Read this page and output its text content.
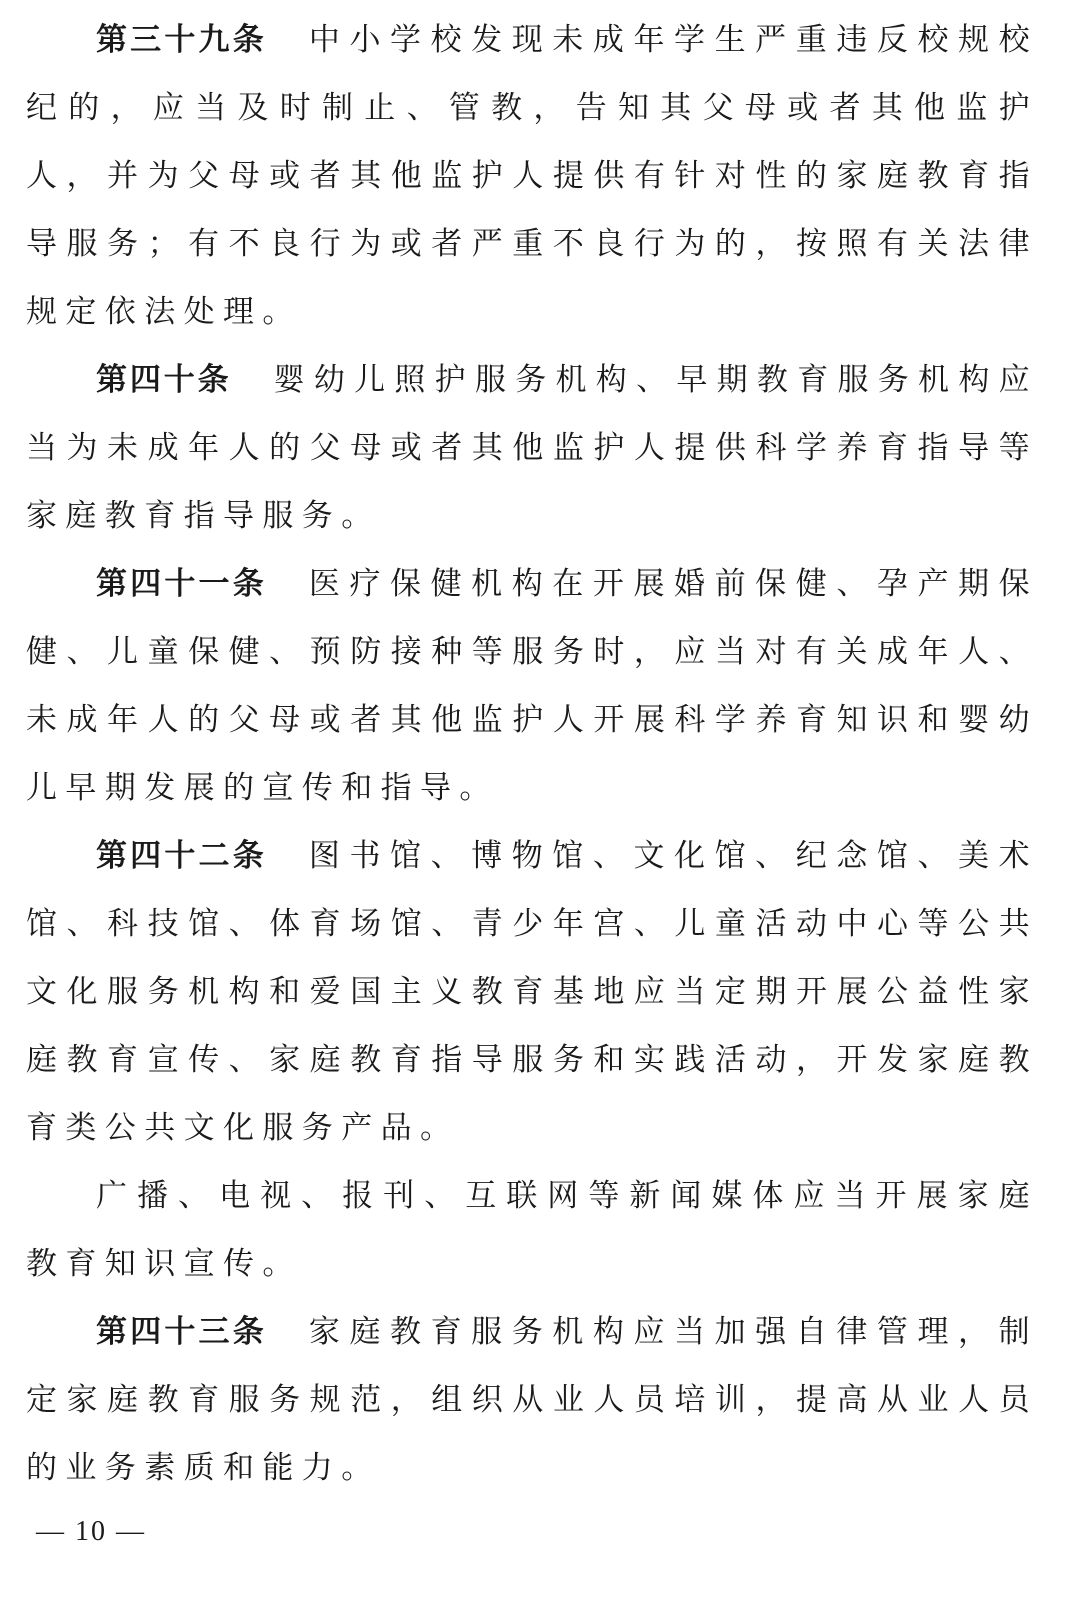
第三十九条 中小学校发现未成年学生严重违反校规校纪的，应当及时制止、管教，告知其父母或者其他监护人，并为父母或者其他监护人提供有针对性的家庭教育指导服务；有不良行为或者严重不良行为的，按照有关法律规定依法处理。

第四十条 婴幼儿照护服务机构、早期教育服务机构应当为未成年人的父母或者其他监护人提供科学养育指导等家庭教育指导服务。

第四十一条 医疗保健机构在开展婚前保健、孕产期保健、儿童保健、预防接种等服务时，应当对有关成年人、未成年人的父母或者其他监护人开展科学养育知识和婴幼儿早期发展的宣传和指导。

第四十二条 图书馆、博物馆、文化馆、纪念馆、美术馆、科技馆、体育场馆、青少年宫、儿童活动中心等公共文化服务机构和爱国主义教育基地应当定期开展公益性家庭教育宣传、家庭教育指导服务和实践活动，开发家庭教育类公共文化服务产品。

广播、电视、报刊、互联网等新闻媒体应当开展家庭教育知识宣传。

第四十三条 家庭教育服务机构应当加强自律管理，制定家庭教育服务规范，组织从业人员培训，提高从业人员的业务素质和能力。

— 10 —
